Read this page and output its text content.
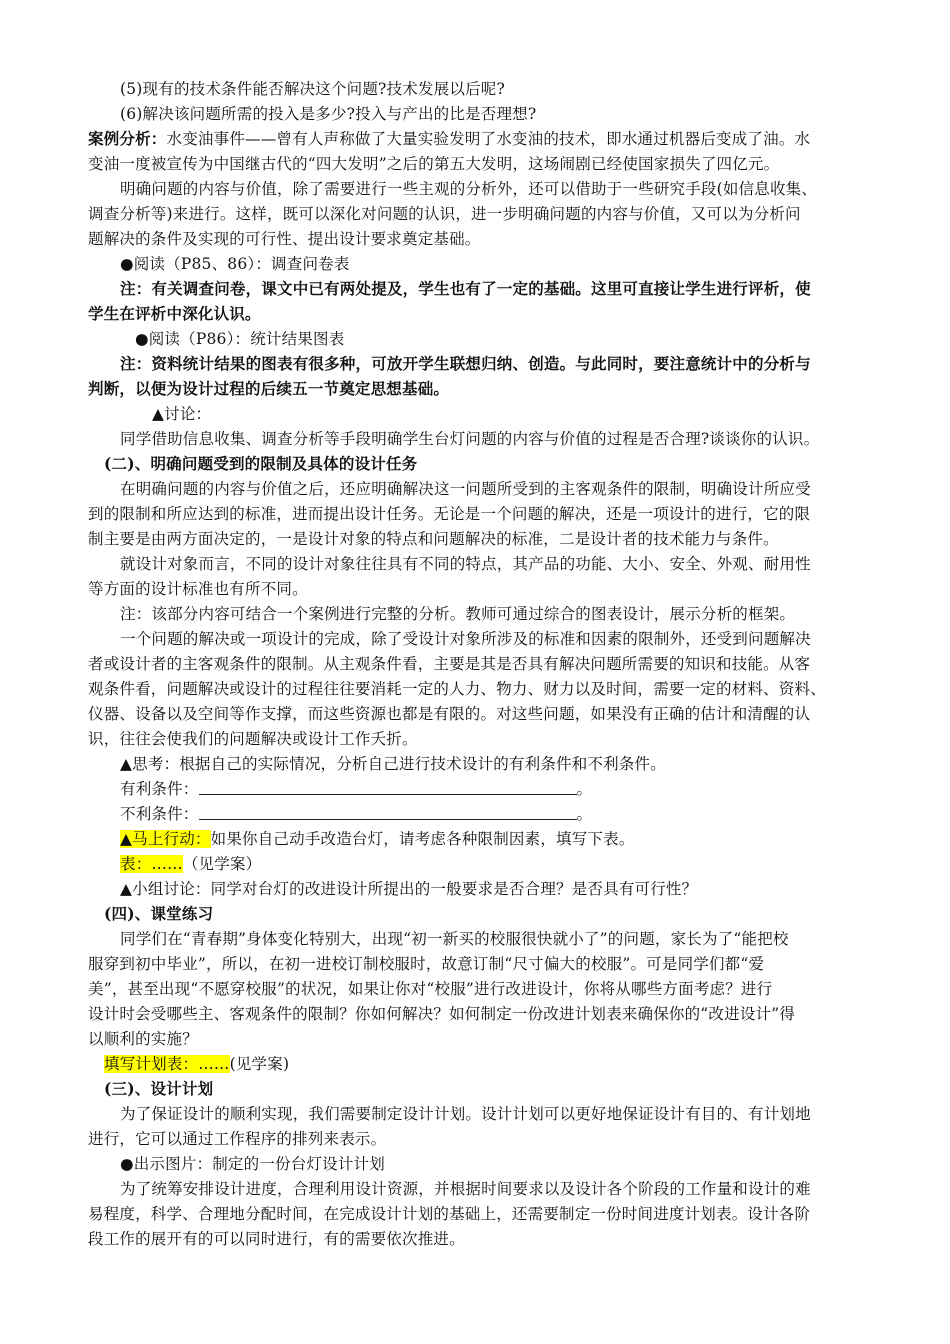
(5)现有的技术条件能否解决这个问题?技术发展以后呢?
(6)解决该问题所需的投入是多少?投入与产出的比是否理想?
案例分析：水变油事件——曾有人声称做了大量实验发明了水变油的技术，即水通过机器后变成了油。水
变油一度被宣传为中国继古代的“四大发明”之后的第五大发明，这场闹剧已经使国家损失了四亿元。
明确问题的内容与价值，除了需要进行一些主观的分析外，还可以借助于一些研究手段(如信息收集、
调查分析等)来进行。这样，既可以深化对问题的认识，进一步明确问题的内容与价值，又可以为分析问
题解决的条件及实现的可行性、提出设计要求奠定基础。
●阅读（P85、86）：调查问卷表
注：有关调查问卷，课文中已有两处提及，学生也有了一定的基础。这里可直接让学生进行评析，使
学生在评析中深化认识。
●阅读（P86）：统计结果图表
注：资料统计结果的图表有很多种，可放开学生联想归纳、创造。与此同时，要注意统计中的分析与
判断，以便为设计过程的后续五一节奠定思想基础。
▲讨论：
同学借助信息收集、调查分析等手段明确学生台灯问题的内容与价值的过程是否合理?谈谈你的认识。
(二)、明确问题受到的限制及具体的设计任务
在明确问题的内容与价值之后，还应明确解决这一问题所受到的主客观条件的限制，明确设计所应受
到的限制和所应达到的标准，进而提出设计任务。无论是一个问题的解决，还是一项设计的进行，它的限
制主要是由两方面决定的，一是设计对象的特点和问题解决的标准，二是设计者的技术能力与条件。
就设计对象而言，不同的设计对象往往具有不同的特点，其产品的功能、大小、安全、外观、耐用性
等方面的设计标准也有所不同。
注：该部分内容可结合一个案例进行完整的分析。教师可通过综合的图表设计，展示分析的框架。
一个问题的解决或一项设计的完成，除了受设计对象所涉及的标准和因素的限制外，还受到问题解决
者或设计者的主客观条件的限制。从主观条件看，主要是其是否具有解决问题所需要的知识和技能。从客
观条件看，问题解决或设计的过程往往要消耗一定的人力、物力、财力以及时间，需要一定的材料、资料、
仪器、设备以及空间等作支撑，而这些资源也都是有限的。对这些问题，如果没有正确的估计和清醒的认
识，往往会使我们的问题解决或设计工作夭折。
▲思考：根据自己的实际情况，分析自己进行技术设计的有利条件和不利条件。
有利条件：	。
不利条件：	。
▲马上行动：如果你自己动手改造台灯，请考虑各种限制因素，填写下表。
表：……（见学案）
▲小组讨论：同学对台灯的改进设计所提出的一般要求是否合理？是否具有可行性？
(四)、课堂练习
同学们在“青春期”身体变化特别大，出现“初一新买的校服很快就小了”的问题，家长为了“能把校
服穿到初中毕业”，所以，在初一进校订制校服时，故意订制“尺寸偏大的校服”。可是同学们都“爱
美”，甚至出现“不愿穿校服”的状况，如果让你对“校服”进行改进设计，你将从哪些方面考虑？进行
设计时会受哪些主、客观条件的限制？你如何解决？如何制定一份改进计划表来确保你的“改进设计”得
以顺利的实施？
填写计划表：……(见学案)
(三)、设计计划
为了保证设计的顺利实现，我们需要制定设计计划。设计计划可以更好地保证设计有目的、有计划地
进行，它可以通过工作程序的排列来表示。
●出示图片：制定的一份台灯设计计划
为了统筹安排设计进度，合理利用设计资源，并根据时间要求以及设计各个阶段的工作量和设计的难
易程度，科学、合理地分配时间，在完成设计计划的基础上，还需要制定一份时间进度计划表。设计各阶
段工作的展开有的可以同时进行，有的需要依次推进。
